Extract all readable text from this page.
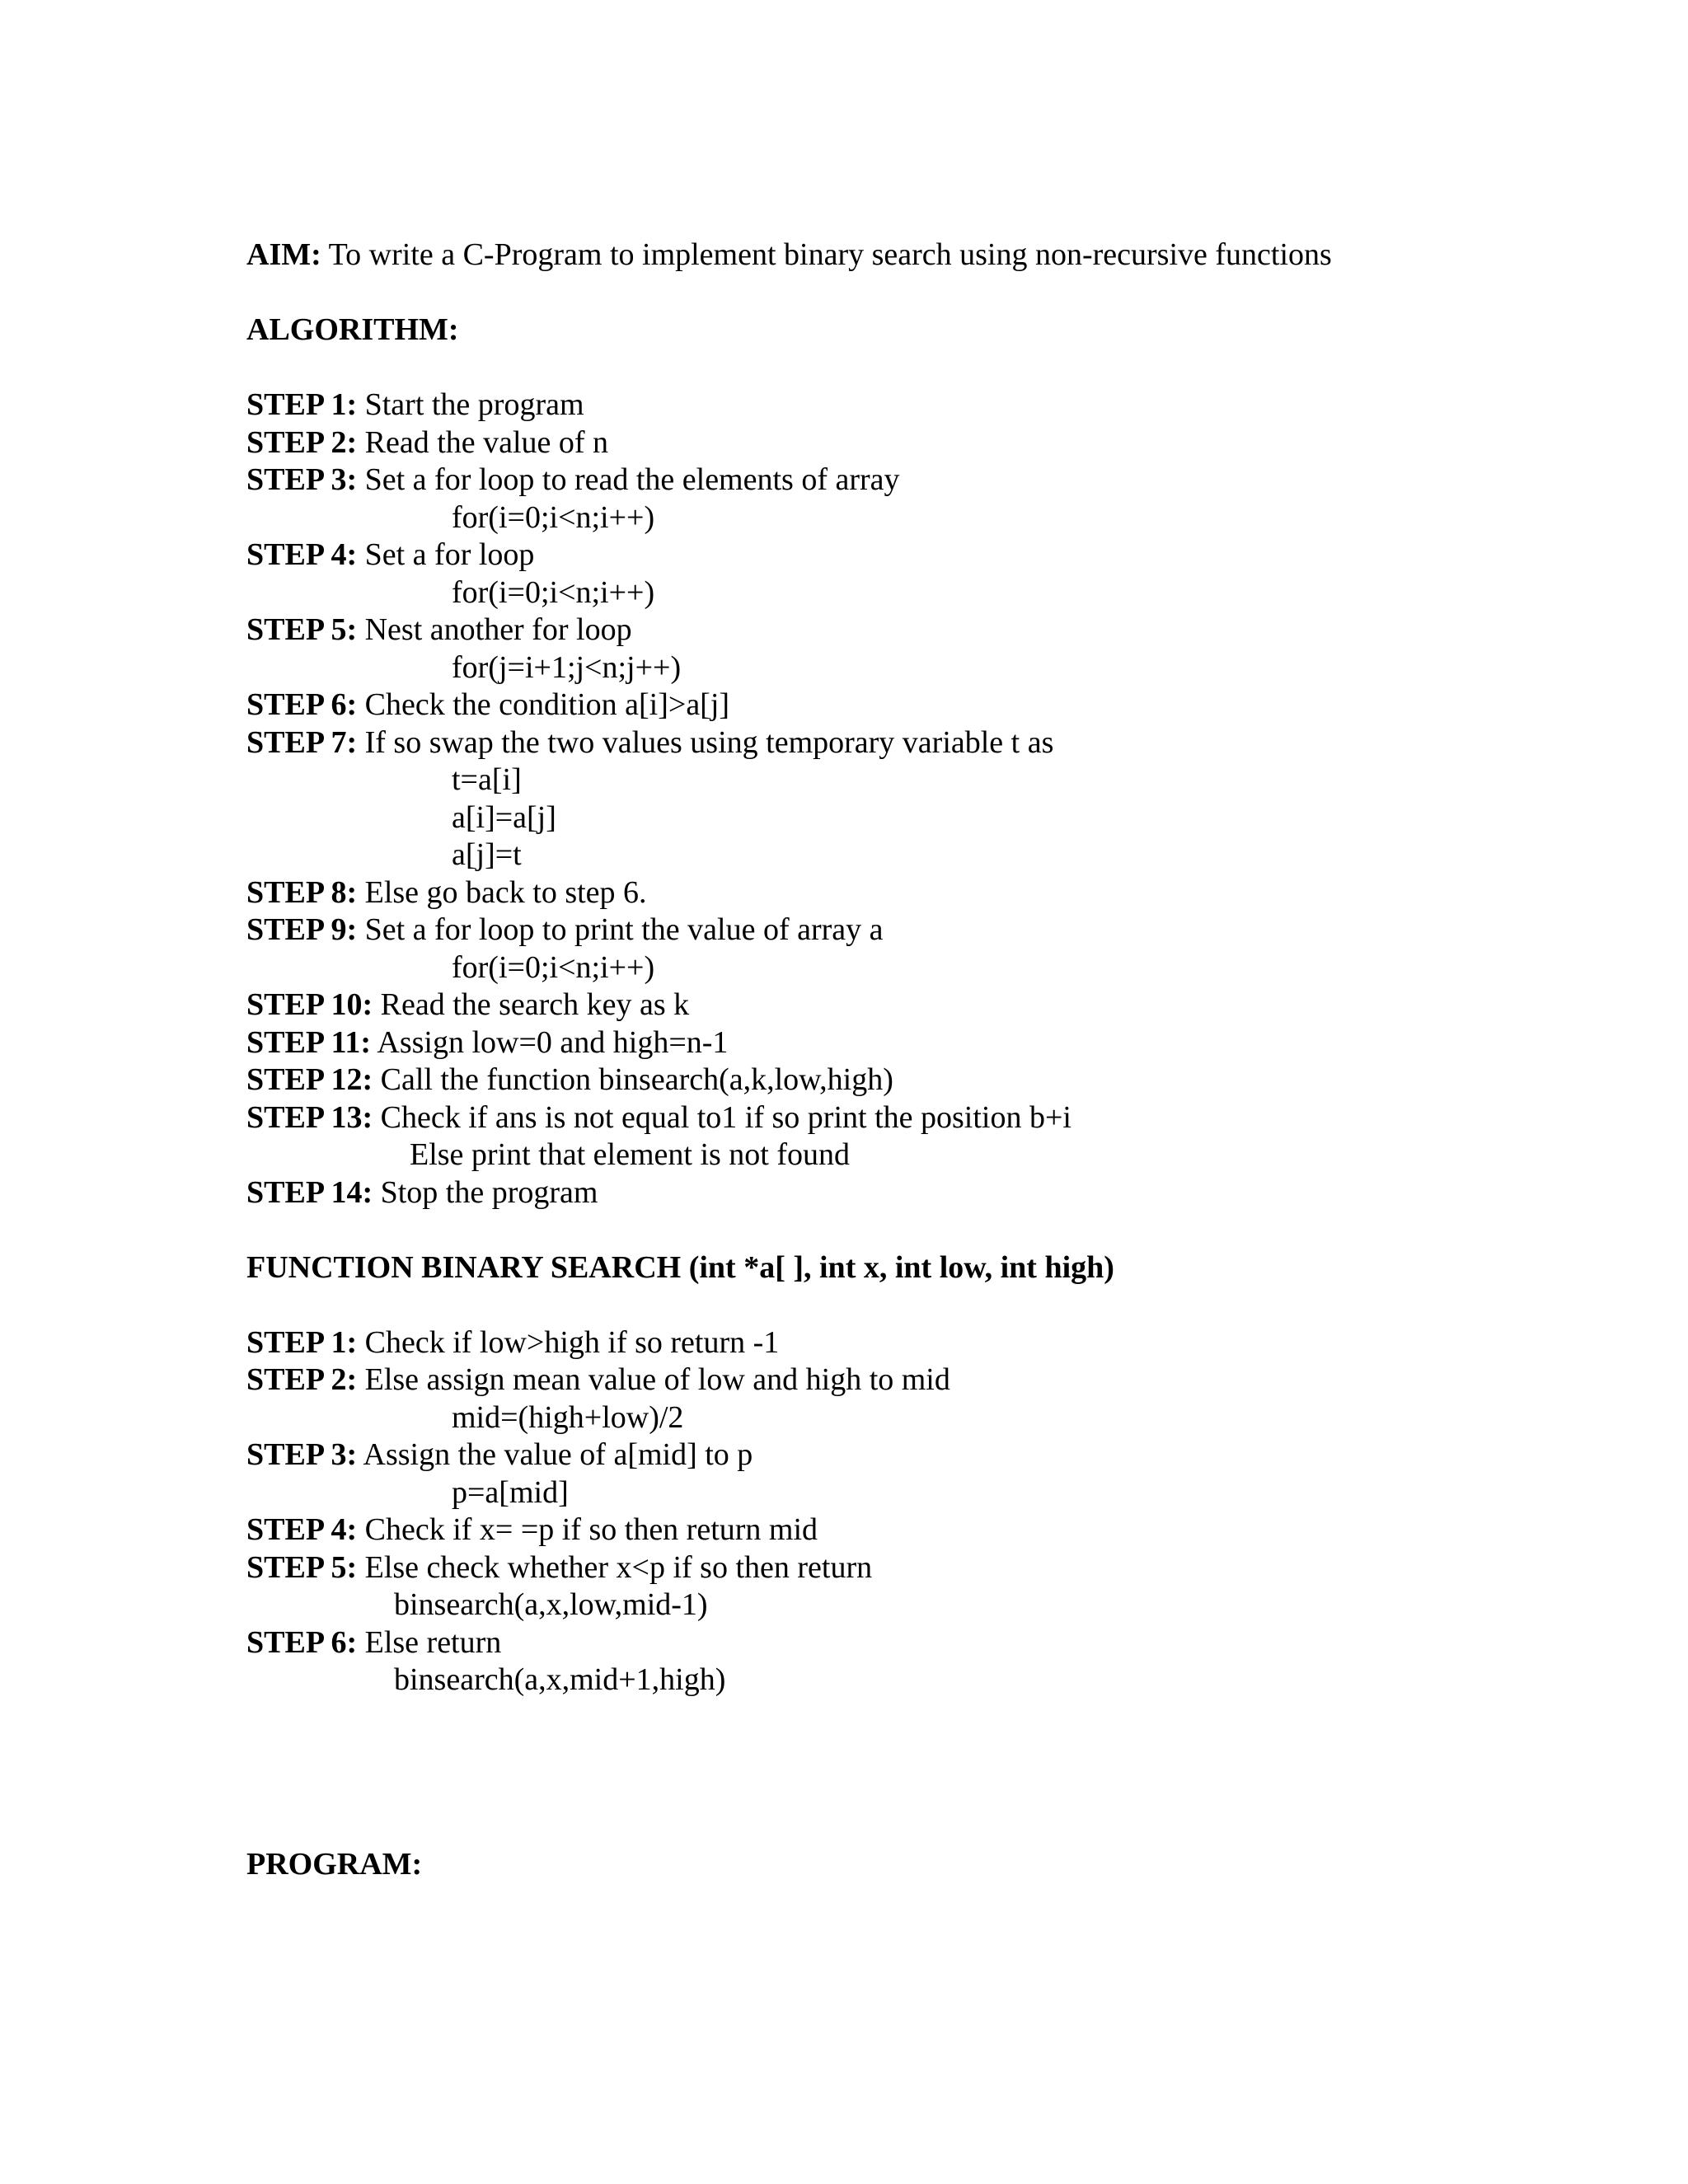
AIM: To write a C-Program to implement binary search using non-recursive functions
ALGORITHM:
STEP 1: Start the program
STEP 2: Read the value of n
STEP 3: Set a for loop to read the elements of array
for(i=0;i<n;i++)
STEP 4: Set a for loop
for(i=0;i<n;i++)
STEP 5: Nest another for loop
for(j=i+1;j<n;j++)
STEP 6: Check the condition a[i]>a[j]
STEP 7: If so swap the two values using temporary variable t as
t=a[i]
a[i]=a[j]
a[j]=t
STEP 8: Else go back to step 6.
STEP 9: Set a for loop to print the value of array a
for(i=0;i<n;i++)
STEP 10: Read the search key as k
STEP 11: Assign low=0 and high=n-1
STEP 12: Call the function binsearch(a,k,low,high)
STEP 13: Check if ans is not equal to1 if so print the position b+i
Else print that element is not found
STEP 14: Stop the program
FUNCTION BINARY SEARCH (int *a[ ], int x, int low, int high)
STEP 1: Check if low>high if so return -1
STEP 2: Else assign mean value of low and high to mid
mid=(high+low)/2
STEP 3: Assign the value of a[mid] to p
p=a[mid]
STEP 4: Check if x= =p if so then return mid
STEP 5: Else check whether x<p if so then return
binsearch(a,x,low,mid-1)
STEP 6: Else return
binsearch(a,x,mid+1,high)
PROGRAM:
